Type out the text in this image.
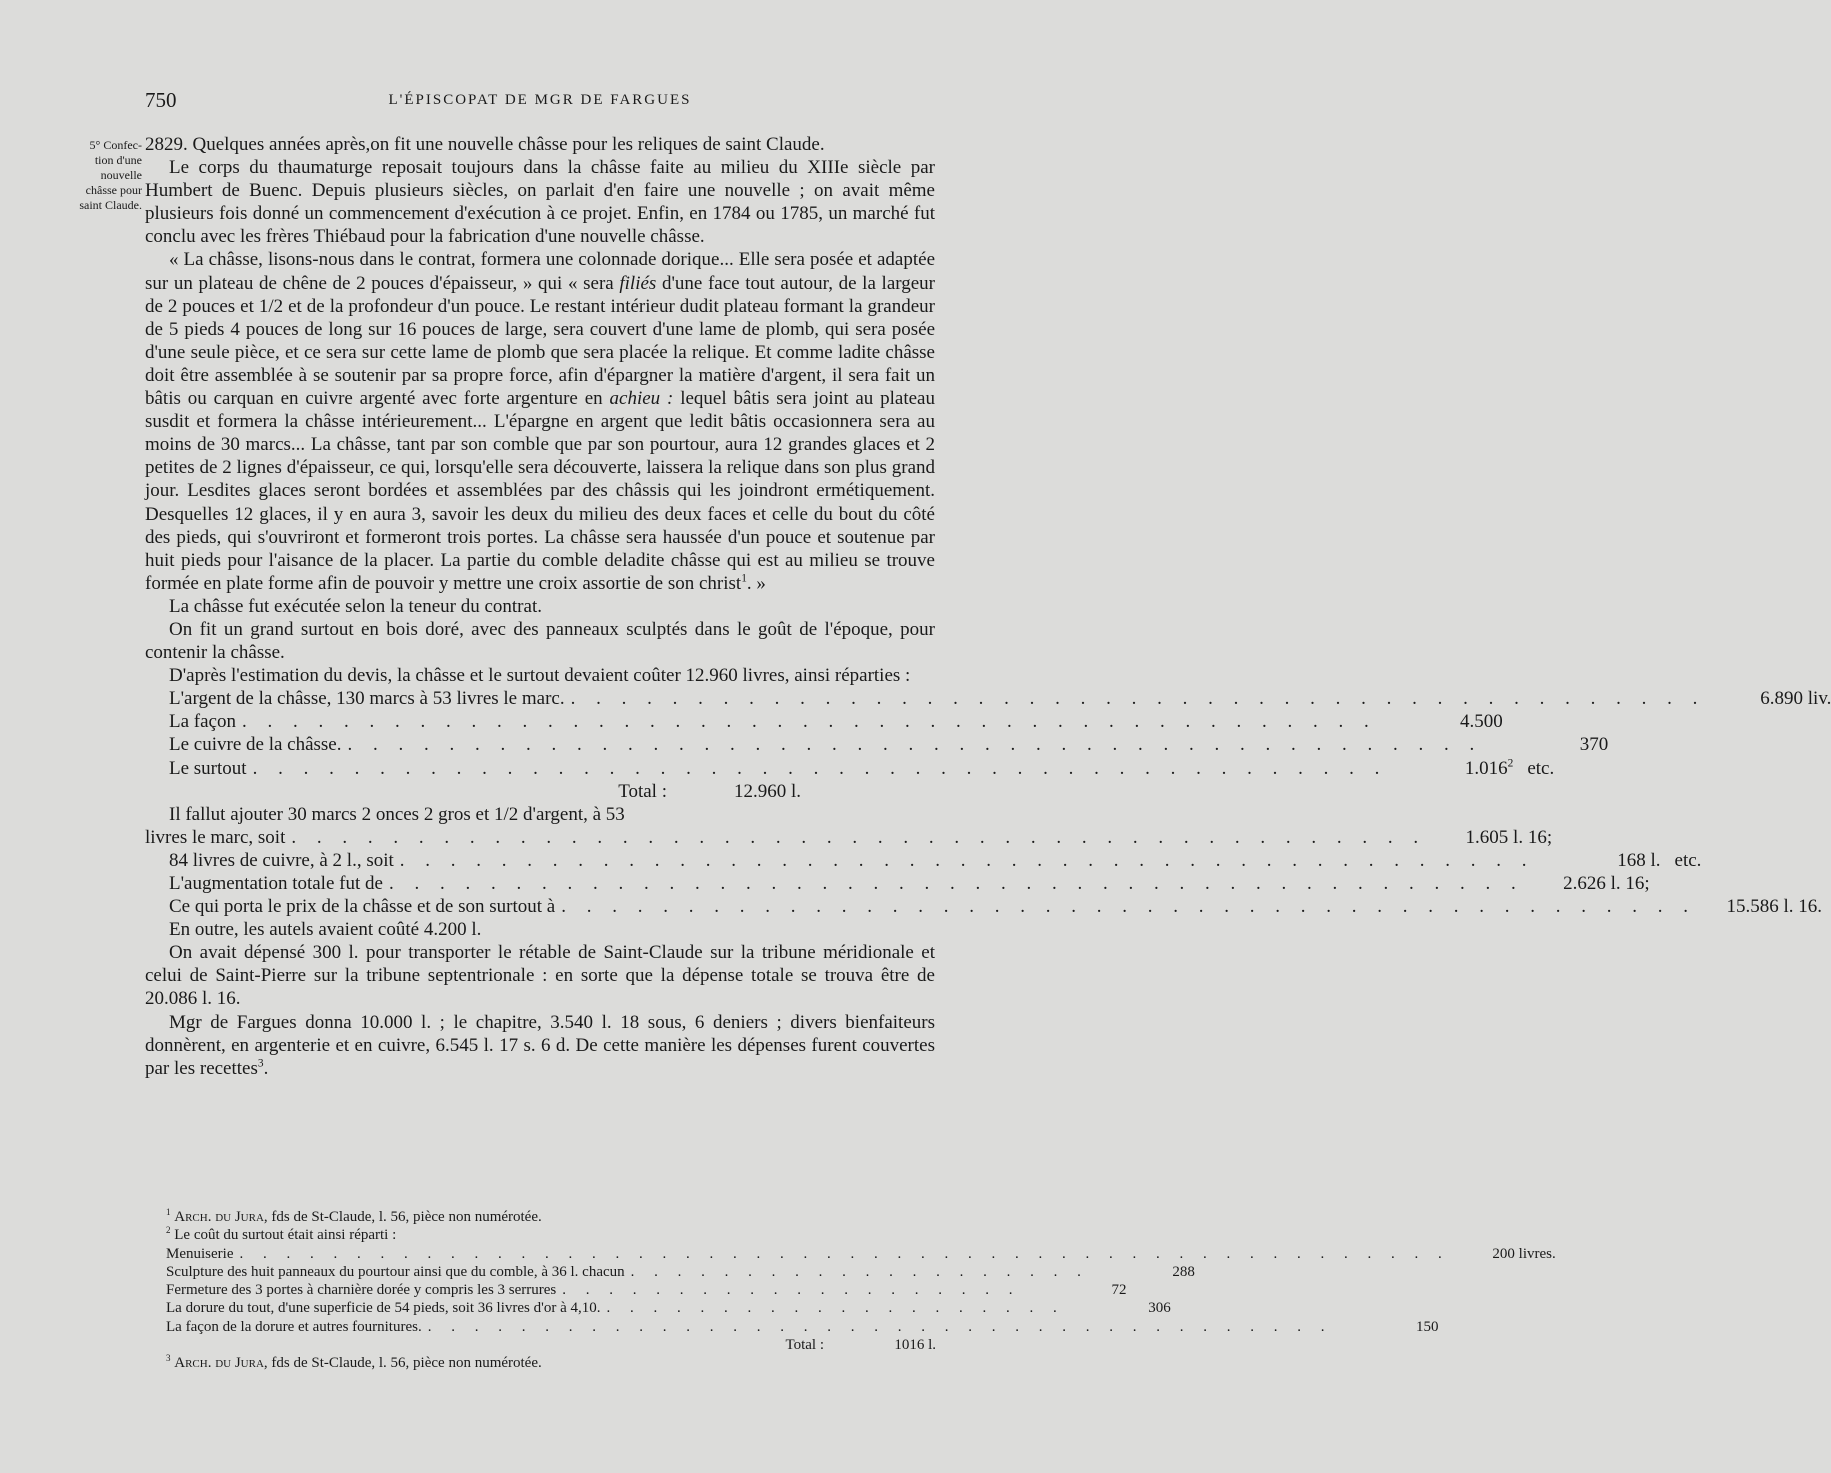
750	L'ÉPISCOPAT DE MGR DE FARGUES
5° Confec-
tion d'une
nouvelle
châsse pour
saint Claude.

2829. Quelques années après,on fit une nouvelle châsse pour les reliques de saint Claude.

Le corps du thaumaturge reposait toujours dans la châsse faite au milieu du XIIIe siècle par Humbert de Buenc. Depuis plusieurs siècles, on parlait d'en faire une nouvelle ; on avait même plusieurs fois donné un commencement d'exécution à ce projet. Enfin, en 1784 ou 1785, un marché fut conclu avec les frères Thiébaud pour la fabrication d'une nouvelle châsse.

« La châsse, lisons-nous dans le contrat, formera une colonnade dorique... Elle sera posée et adaptée sur un plateau de chêne de 2 pouces d'épaisseur, » qui « sera filiés d'une face tout autour, de la largeur de 2 pouces et 1/2 et de la profondeur d'un pouce. Le restant intérieur dudit plateau formant la grandeur de 5 pieds 4 pouces de long sur 16 pouces de large, sera couvert d'une lame de plomb, qui sera posée d'une seule pièce, et ce sera sur cette lame de plomb que sera placée la relique. Et comme ladite châsse doit être assemblée à se soutenir par sa propre force, afin d'épargner la matière d'argent, il sera fait un bâtis ou carquan en cuivre argenté avec forte argenture en achieu : lequel bâtis sera joint au plateau susdit et formera la châsse intérieurement... L'épargne en argent que ledit bâtis occasionnera sera au moins de 30 marcs... La châsse, tant par son comble que par son pourtour, aura 12 grandes glaces et 2 petites de 2 lignes d'épaisseur, ce qui, lorsqu'elle sera découverte, laissera la relique dans son plus grand jour. Lesdites glaces seront bordées et assemblées par des châssis qui les joindront ermétiquement. Desquelles 12 glaces, il y en aura 3, savoir les deux du milieu des deux faces et celle du bout du côté des pieds, qui s'ouvriront et formeront trois portes. La châsse sera haussée d'un pouce et soutenue par huit pieds pour l'aisance de la placer. La partie du comble deladite châsse qui est au milieu se trouve formée en plate forme afin de pouvoir y mettre une croix assortie de son christ$^1$. »

La châsse fut exécutée selon la teneur du contrat.

On fit un grand surtout en bois doré, avec des panneaux sculptés dans le goût de l'époque, pour contenir la châsse.

D'après l'estimation du devis, la châsse et le surtout devaient coûter 12.960 livres, ainsi réparties :

L'argent de la châsse, 130 marcs à 53 livres le marc. . . . . . . . . . . . . . . . . . . . . . . . . . . . . . . . . . . . . . . . . . . . . .	6.890 liv.
La façon . . . . . . . . . . . . . . . . . . . . . . . . . . . . . . . . . . . . . . . . . . . . .	4.500
Le cuivre de la châsse. . . . . . . . . . . . . . . . . . . . . . . . . . . . . . . . . . . . . . . . . . . . . .	370
Le surtout . . . . . . . . . . . . . . . . . . . . . . . . . . . . . . . . . . . . . . . . . . . . .	1.016$^2$ etc.
Total :	12.960 l.

Il fallut ajouter 30 marcs 2 onces 2 gros et 1/2 d'argent, à 53

livres le marc, soit . . . . . . . . . . . . . . . . . . . . . . . . . . . . . . . . . . . . . . . . . . . . .	1.605 l. 16;
84 livres de cuivre, à 2 l., soit . . . . . . . . . . . . . . . . . . . . . . . . . . . . . . . . . . . . . . . . . . . . .	168 l. etc.
L'augmentation totale fut de . . . . . . . . . . . . . . . . . . . . . . . . . . . . . . . . . . . . . . . . . . . . .	2.626 l. 16;
Ce qui porta le prix de la châsse et de son surtout à . . . . . . . . . . . . . . . . . . . . . . . . . . . . . . . . . . . . . . . . . . . . .	15.586 l. 16.

En outre, les autels avaient coûté 4.200 l.

On avait dépensé 300 l. pour transporter le rétable de Saint-Claude sur la tribune méridionale et celui de Saint-Pierre sur la tribune septentrionale : en sorte que la dépense totale se trouva être de 20.086 l. 16.

Mgr de Fargues donna 10.000 l. ; le chapitre, 3.540 l. 18 sous, 6 deniers ; divers bienfaiteurs donnèrent, en argenterie et en cuivre, 6.545 l. 17 s. 6 d. De cette manière les dépenses furent couvertes par les recettes$^3$.

$^1$ Arch. du Jura, fds de St-Claude, l. 56, pièce non numérotée.
$^2$ Le coût du surtout était ainsi réparti :
Menuiserie . . . . . . . . . . . . . . . . . . . . . . . . . . . . . . . . . . . . . . . . . . . . . . . . . . . .	200 livres.
Sculpture des huit panneaux du pourtour ainsi que du comble, à 36 l. chacun . . . . . . . . . . . . . . . . . . . .	288
Fermeture des 3 portes à charnière dorée y compris les 3 serrures . . . . . . . . . . . . . . . . . . . .	72
La dorure du tout, d'une superficie de 54 pieds, soit 36 livres d'or à 4,10. . . . . . . . . . . . . . . . . . . . .	306
La façon de la dorure et autres fournitures. . . . . . . . . . . . . . . . . . . . . . . . . . . . . . . . . . . . . . . .	150
Total :	1016 l.
$^3$ Arch. du Jura, fds de St-Claude, l. 56, pièce non numérotée.
